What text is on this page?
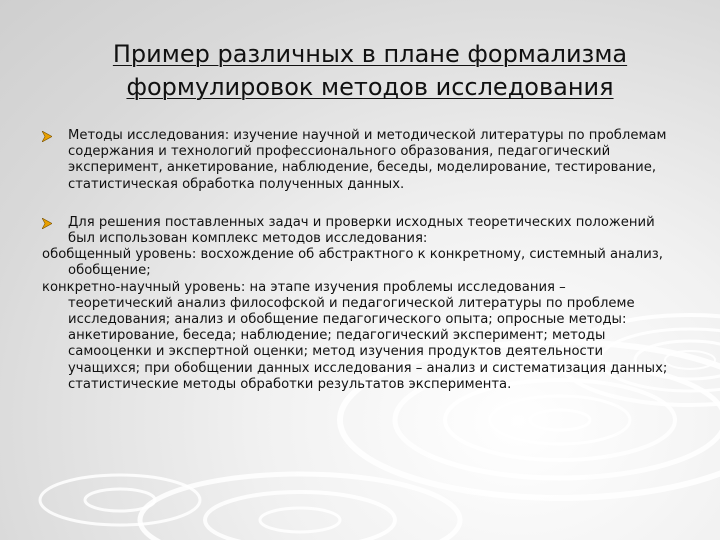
Пример различных в плане формализма
формулировок методов исследования
Методы исследования: изучение научной и методической литературы по проблемам содержания и технологий профессионального образования, педагогический эксперимент, анкетирование, наблюдение, беседы, моделирование, тестирование, статистическая обработка полученных данных.
Для решения поставленных задач и проверки исходных теоретических положений был использован комплекс методов исследования:
обобщенный уровень: восхождение об абстрактного к конкретному, системный анализ, обобщение;
конкретно-научный уровень: на этапе изучения проблемы исследования – теоретический анализ философской и педагогической литературы по проблеме исследования; анализ и обобщение педагогического опыта; опросные методы: анкетирование, беседа; наблюдение; педагогический эксперимент; методы самооценки и экспертной оценки; метод изучения продуктов деятельности учащихся; при обобщении данных исследования – анализ и систематизация данных; статистические методы обработки результатов эксперимента.
